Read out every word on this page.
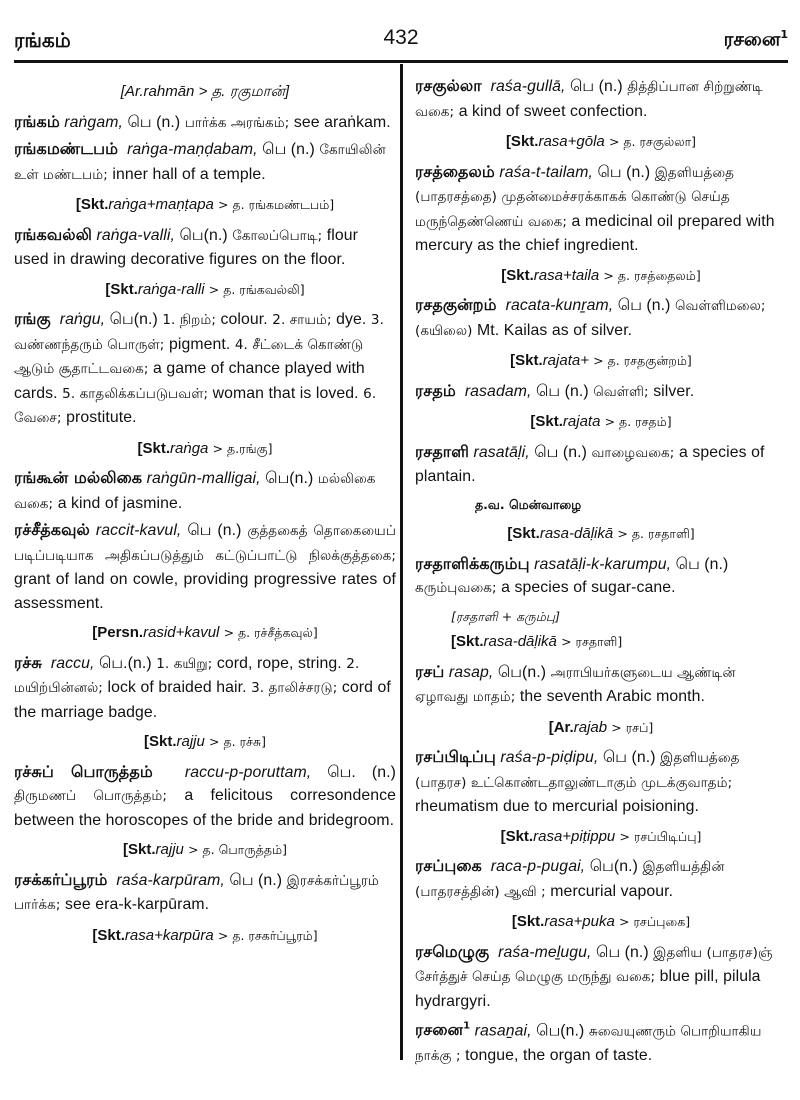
ரங்கம்	432	ரசனை$^1$
[Ar.rahmān > த. ரகுமான்]
ரங்கம் raṅgam, பெ (n.) பார்க்க அரங்கம்; see araṅkam.
ரங்கமண்டபம் raṅga-maṇḍabam, பெ (n.) கோயிலின் உள் மண்டபம்; inner hall of a temple.
[Skt.raṅga+maṇṭapa > த. ரங்கமண்டபம்]
ரங்கவல்லி raṅga-valli, பெ(n.) கோலப்பொடி; flour used in drawing decorative figures on the floor.
[Skt.raṅga-ralli > த. ரங்கவல்லி]
ரங்கு raṅgu, பெ(n.) 1. நிறம்; colour. 2. சாயம்; dye. 3. வண்ணந்தரும் பொருள்; pigment. 4. சீட்டைக் கொண்டு ஆடும் சூதாட்டவகை; a game of chance played with cards. 5. காதலிக்கப்படுபவள்; woman that is loved. 6. வேசை; prostitute.
[Skt.raṅga > த.ரங்கு]
ரங்கூன் மல்லிகை raṅgūn-malligai, பெ(n.) மல்லிகை வகை; a kind of jasmine.
ரச்சீத்கவுல் raccit-kavul, பெ (n.) குத்தகைத் தொகையைப் படிப்படியாக அதிகப்படுத்தும் கட்டுப்பாட்டு நிலக்குத்தகை; grant of land on cowle, providing progressive rates of assessment.
[Persn.rasid+kavul > த. ரச்சீத்கவுல்]
ரச்சு raccu, பெ.(n.) 1. கயிறு; cord, rope, string. 2. மயிற்பின்னல்; lock of braided hair. 3. தாலிச்சரடு; cord of the marriage badge.
[Skt.rajju > த. ரச்சு]
ரச்சுப் பொருத்தம் raccu-p-poruttam, பெ. (n.) திருமணப் பொருத்தம்; a felicitous corresondence between the horoscopes of the bride and bridegroom.
[Skt.rajju > த. பொருத்தம்]
ரசக்கர்ப்பூரம் raśa-karpūram, பெ (n.) இரசக்கர்ப்பூரம் பார்க்க; see era-k-karpūram.
[Skt.rasa+karpūra > த. ரசகர்ப்பூரம்]
ரசகுல்லா raśa-gullā, பெ (n.) தித்திப்பான சிற்றுண்டி வகை; a kind of sweet confection.
[Skt.rasa+gōla > த. ரசகுல்லா]
ரசத்தைலம் raśa-t-tailam, பெ (n.) இதளியத்தை (பாதரசத்தை) முதன்மைச்சரக்காகக் கொண்டு செய்த மருந்தெண்ணெய் வகை; a medicinal oil prepared with mercury as the chief ingredient.
[Skt.rasa+taila > த. ரசத்தைலம்]
ரசதகுன்றம் racata-kunṟam, பெ (n.) வெள்ளிமலை; (கயிலை) Mt. Kailas as of silver.
[Skt.rajata+ > த. ரசதகுன்றம்]
ரசதம் rasadam, பெ (n.) வெள்ளி; silver.
[Skt.rajata > த. ரசதம்]
ரசதாளி rasatāḷi, பெ (n.) வாழைவகை; a species of plantain.
த.வ. மென்வாழை
[Skt.rasa-dāḷikā > த. ரசதாளி]
ரசதாளிக்கரும்பு rasatāḷi-k-karumpu, பெ (n.) கரும்புவகை; a species of sugar-cane.
[ரசதாளி + கரும்பு]
[Skt.rasa-dāḷikā > ரசதாளி]
ரசப் rasap, பெ(n.) அராபியர்களுடைய ஆண்டின் ஏழாவது மாதம்; the seventh Arabic month.
[Ar.rajab > ரசப்]
ரசப்பிடிப்பு raśa-p-piḍipu, பெ (n.) இதளியத்தை (பாதரச) உட்கொண்டதாலுண்டாகும் முடக்குவாதம்; rheumatism due to mercurial poisioning.
[Skt.rasa+piṭippu > ரசப்பிடிப்பு]
ரசப்புகை raca-p-pugai, பெ(n.) இதளியத்தின் (பாதரசத்தின்) ஆவி ; mercurial vapour.
[Skt.rasa+puka > ரசப்புகை]
ரசமெழுகு raśa-meḻugu, பெ (n.) இதளிய (பாதரச)ஞ் சேர்த்துச் செய்த மெழுகு மருந்து வகை; blue pill, pilula hydrargyri.
ரசனை$^1$ rasaṉai, பெ(n.) சுவையுணரும் பொறியாகிய நாக்கு ; tongue, the organ of taste.
